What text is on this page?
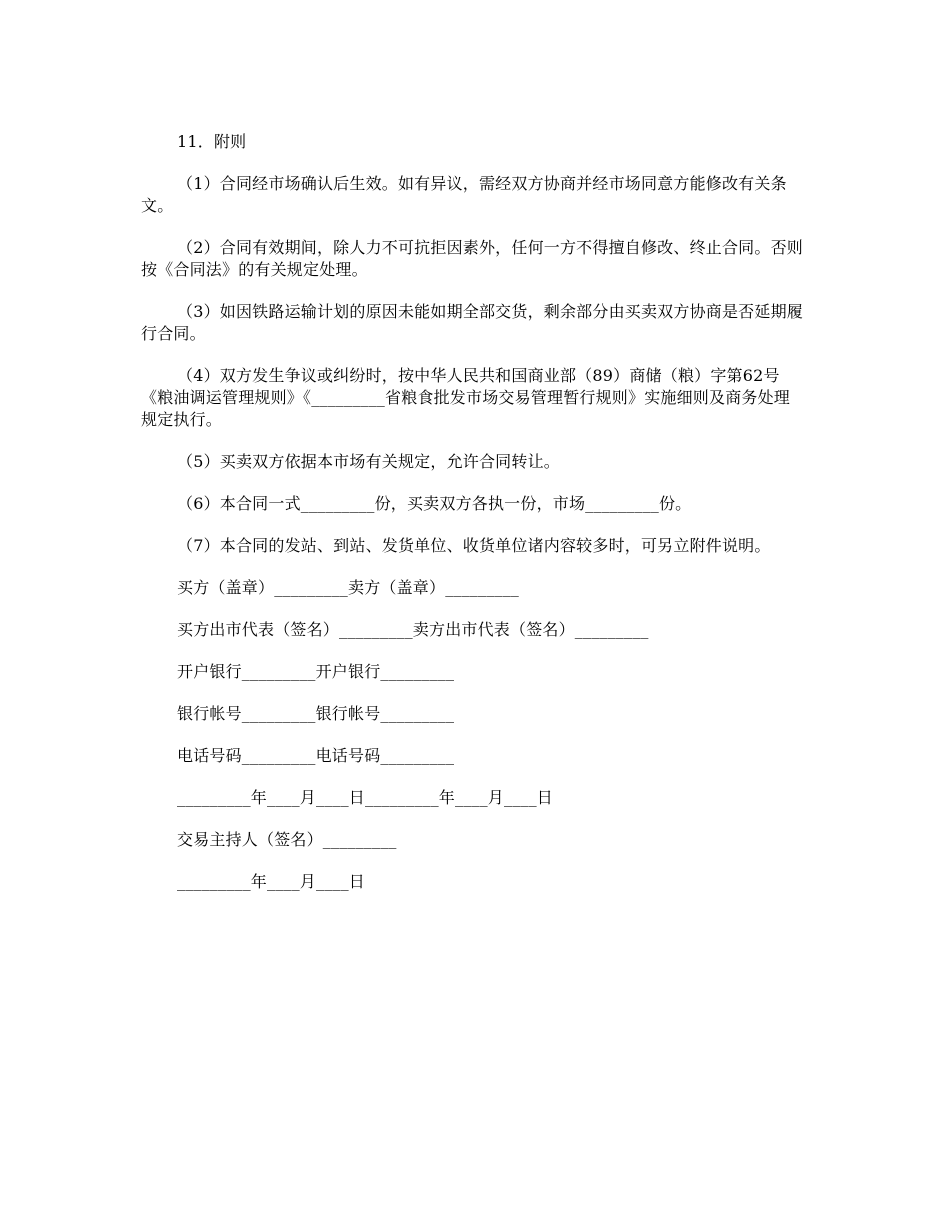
11．附则

（1）合同经市场确认后生效。如有异议，需经双方协商并经市场同意方能修改有关条文。

（2）合同有效期间，除人力不可抗拒因素外，任何一方不得擅自修改、终止合同。否则按《合同法》的有关规定处理。

（3）如因铁路运输计划的原因未能如期全部交货，剩余部分由买卖双方协商是否延期履行合同。

（4）双方发生争议或纠纷时，按中华人民共和国商业部（89）商储（粮）字第62号《粮油调运管理规则》《_________省粮食批发市场交易管理暂行规则》实施细则及商务处理规定执行。

（5）买卖双方依据本市场有关规定，允许合同转让。

（6）本合同一式_________份，买卖双方各执一份，市场_________份。

（7）本合同的发站、到站、发货单位、收货单位诸内容较多时，可另立附件说明。

买方（盖章）_________卖方（盖章）_________

买方出市代表（签名）_________卖方出市代表（签名）_________

开户银行_________开户银行_________

银行帐号_________银行帐号_________

电话号码_________电话号码_________

_________年____月____日_________年____月____日

交易主持人（签名）_________

_________年____月____日
